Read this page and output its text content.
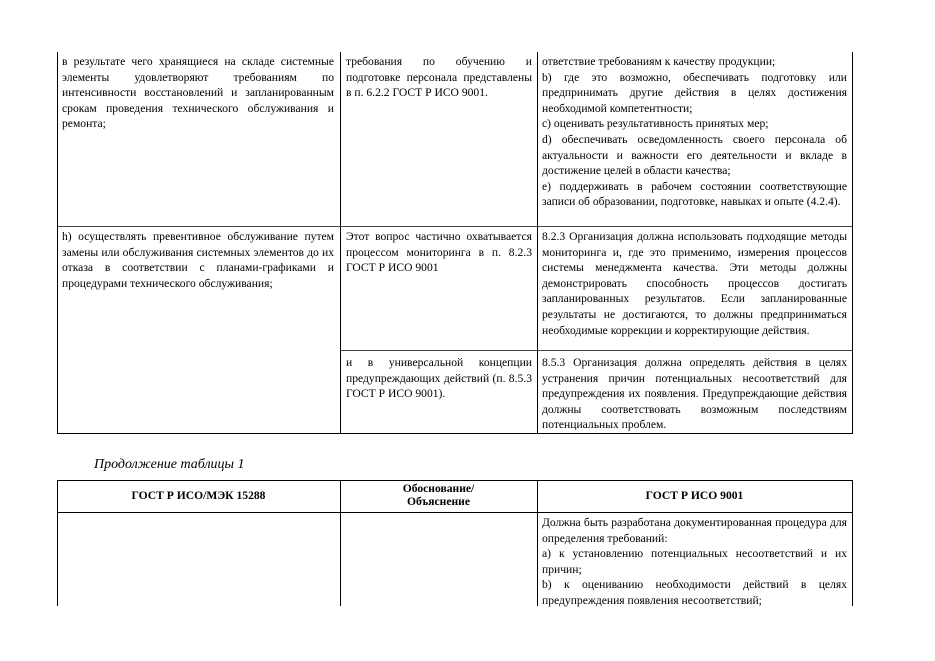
в результате чего хранящиеся на складе системные элементы удовлетворяют требованиям по интенсивности восстановлений и запланированным срокам проведения технического обслуживания и ремонта;

требования по обучению и подготовке персонала представлены в п. 6.2.2 ГОСТ Р ИСО 9001.

ответствие требованиям к качеству продукции;

b) где это возможно, обеспечивать подготовку или предпринимать другие действия в целях достижения необходимой компетентности;

c) оценивать результативность принятых мер;

d) обеспечивать осведомленность своего персонала об актуальности и важности его деятельности и вкладе в достижение целей в области качества;

e) поддерживать в рабочем состоянии соответствующие записи об образовании, подготовке, навыках и опыте (4.2.4).

h) осуществлять превентивное обслуживание путем замены или обслуживания системных элементов до их отказа в соответствии с планами-графиками и процедурами технического обслуживания;

Этот вопрос частично охватывается процессом мониторинга в п. 8.2.3 ГОСТ Р ИСО 9001

8.2.3 Организация должна использовать подходящие методы мониторинга и, где это применимо, измерения процессов системы менеджмента качества. Эти методы должны демонстрировать способность процессов достигать запланированных результатов. Если запланированные результаты не достигаются, то должны предприниматься необходимые коррекции и корректирующие действия.

и в универсальной концепции предупреждающих действий (п. 8.5.3 ГОСТ Р ИСО 9001).

8.5.3 Организация должна определять действия в целях устранения причин потенциальных несоответствий для предупреждения их появления. Предупреждающие действия должны соответствовать возможным последствиям потенциальных проблем.

Продолжение таблицы 1
ГОСТ Р ИСО/МЭК 15288
Обоснование/
Объяснение	ГОСТ Р ИСО 9001

Должна быть разработана документированная процедура для определения требований:

a) к установлению потенциальных несоответствий и их причин;

b) к оцениванию необходимости действий в целях предупреждения появления несоответствий;
